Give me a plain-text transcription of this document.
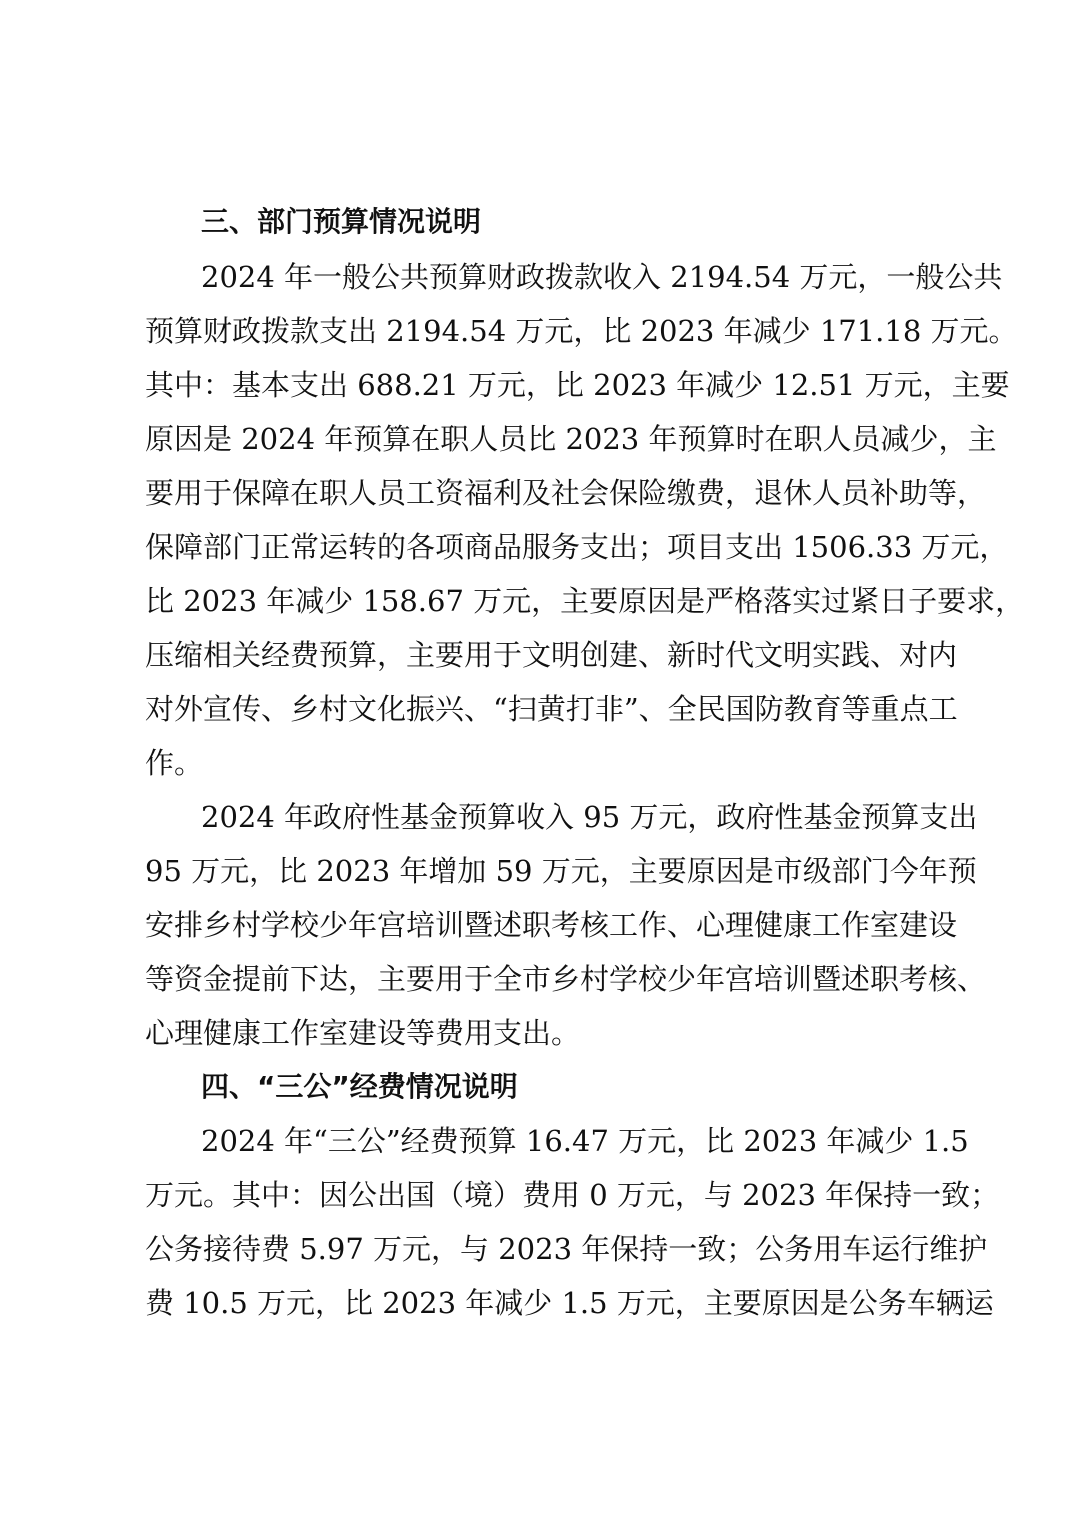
三、部门预算情况说明
2024 年一般公共预算财政拨款收入 2194.54 万元，一般公共
预算财政拨款支出 2194.54 万元，比 2023 年减少 171.18 万元。
其中：基本支出 688.21 万元，比 2023 年减少 12.51 万元，主要
原因是 2024 年预算在职人员比 2023 年预算时在职人员减少，主
要用于保障在职人员工资福利及社会保险缴费，退休人员补助等，
保障部门正常运转的各项商品服务支出；项目支出 1506.33 万元，
比 2023 年减少 158.67 万元，主要原因是严格落实过紧日子要求，
压缩相关经费预算，主要用于文明创建、新时代文明实践、对内
对外宣传、乡村文化振兴、“扫黄打非”、全民国防教育等重点工
作。
2024 年政府性基金预算收入 95 万元，政府性基金预算支出
95 万元，比 2023 年增加 59 万元，主要原因是市级部门今年预
安排乡村学校少年宫培训暨述职考核工作、心理健康工作室建设
等资金提前下达，主要用于全市乡村学校少年宫培训暨述职考核、
心理健康工作室建设等费用支出。
四、“三公”经费情况说明
2024 年“三公”经费预算 16.47 万元，比 2023 年减少 1.5
万元。其中：因公出国（境）费用 0 万元，与 2023 年保持一致；
公务接待费 5.97 万元，与 2023 年保持一致；公务用车运行维护
费 10.5 万元，比 2023 年减少 1.5 万元，主要原因是公务车辆运
